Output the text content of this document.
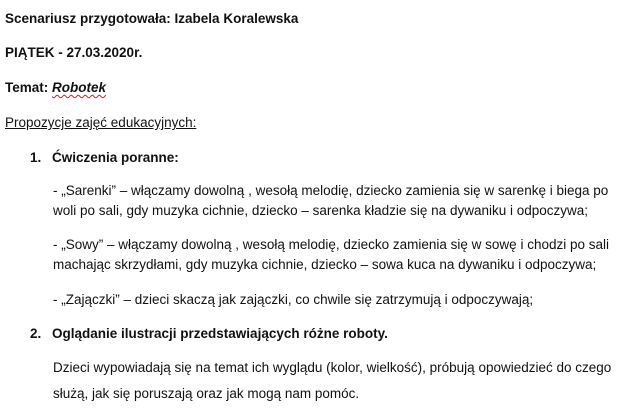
Scenariusz przygotowała: Izabela Koralewska
PIĄTEK - 27.03.2020r.
Temat: Robotek
Propozycje zajęć edukacyjnych:
1. Ćwiczenia poranne:
- „Sarenki” – włączamy dowolną , wesołą melodię, dziecko zamienia się w sarenkę i biega po
woli po sali, gdy muzyka cichnie, dziecko – sarenka kładzie się na dywaniku i odpoczywa;
- „Sowy” – włączamy dowolną , wesołą melodię, dziecko zamienia się w sowę i chodzi po sali
machając skrzydłami, gdy muzyka cichnie, dziecko – sowa kuca na dywaniku i odpoczywa;
- „Zajączki” – dzieci skaczą jak zajączki, co chwile się zatrzymują i odpoczywają;
2. Oglądanie ilustracji przedstawiających różne roboty.
Dzieci wypowiadają się na temat ich wyglądu (kolor, wielkość), próbują opowiedzieć do czego
służą, jak się poruszają oraz jak mogą nam pomóc.
